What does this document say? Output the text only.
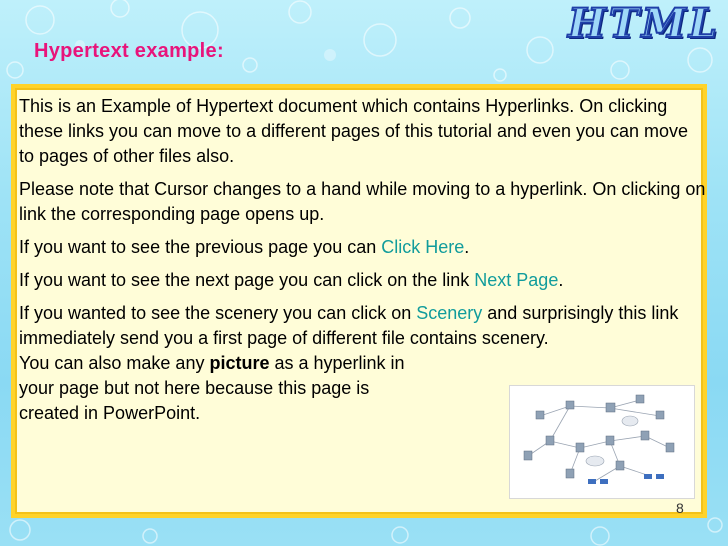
HTML
Hypertext example:

This is an Example of Hypertext document which contains Hyperlinks. On clicking these links you can move to a different pages of this tutorial and even you can move to pages of other files also.

Please note that Cursor changes to a hand while moving to a hyperlink. On clicking on link the corresponding page opens up.

If you want to see the previous page you can Click Here.

If you want to see the next page you can click on the link Next Page.

If you wanted to see the scenery you can click on Scenery and surprisingly this link immediately send you a first page of different file contains scenery.

You can also make any picture as a hyperlink in
your page but not here because this page is
created in PowerPoint.
8
